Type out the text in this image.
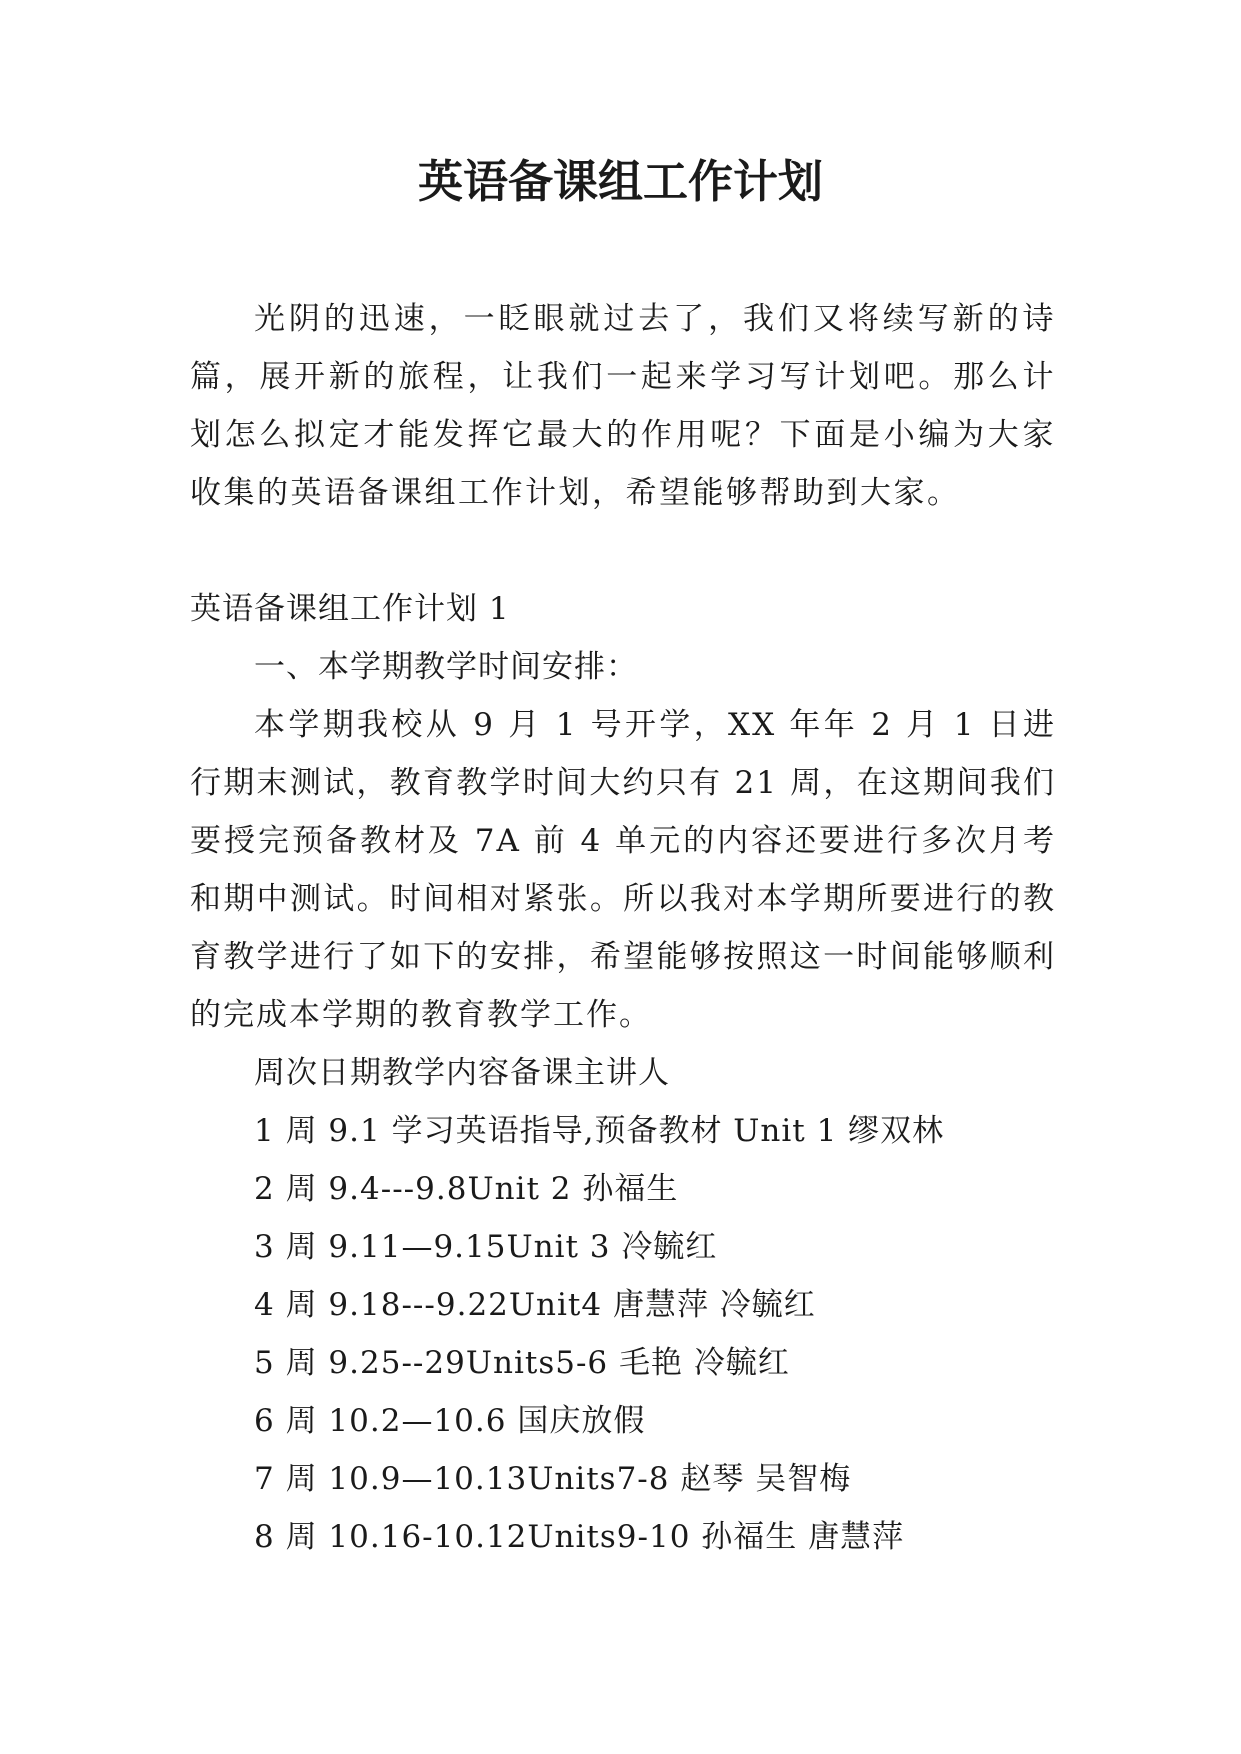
英语备课组工作计划

光阴的迅速，一眨眼就过去了，我们又将续写新的诗篇，展开新的旅程，让我们一起来学习写计划吧。那么计划怎么拟定才能发挥它最大的作用呢？下面是小编为大家收集的英语备课组工作计划，希望能够帮助到大家。

英语备课组工作计划 1
一、本学期教学时间安排：

本学期我校从 9 月 1 号开学，XX 年年 2 月 1 日进行期末测试，教育教学时间大约只有 21 周，在这期间我们要授完预备教材及 7A 前 4 单元的内容还要进行多次月考和期中测试。时间相对紧张。所以我对本学期所要进行的教育教学进行了如下的安排，希望能够按照这一时间能够顺利的完成本学期的教育教学工作。

周次日期教学内容备课主讲人
1 周 9.1 学习英语指导,预备教材 Unit 1 缪双林
2 周 9.4---9.8Unit 2 孙福生
3 周 9.11—9.15Unit 3 冷毓红
4 周 9.18---9.22Unit4 唐慧萍 冷毓红
5 周 9.25--29Units5-6 毛艳 冷毓红
6 周 10.2—10.6 国庆放假
7 周 10.9—10.13Units7-8 赵琴 吴智梅
8 周 10.16-10.12Units9-10 孙福生 唐慧萍
